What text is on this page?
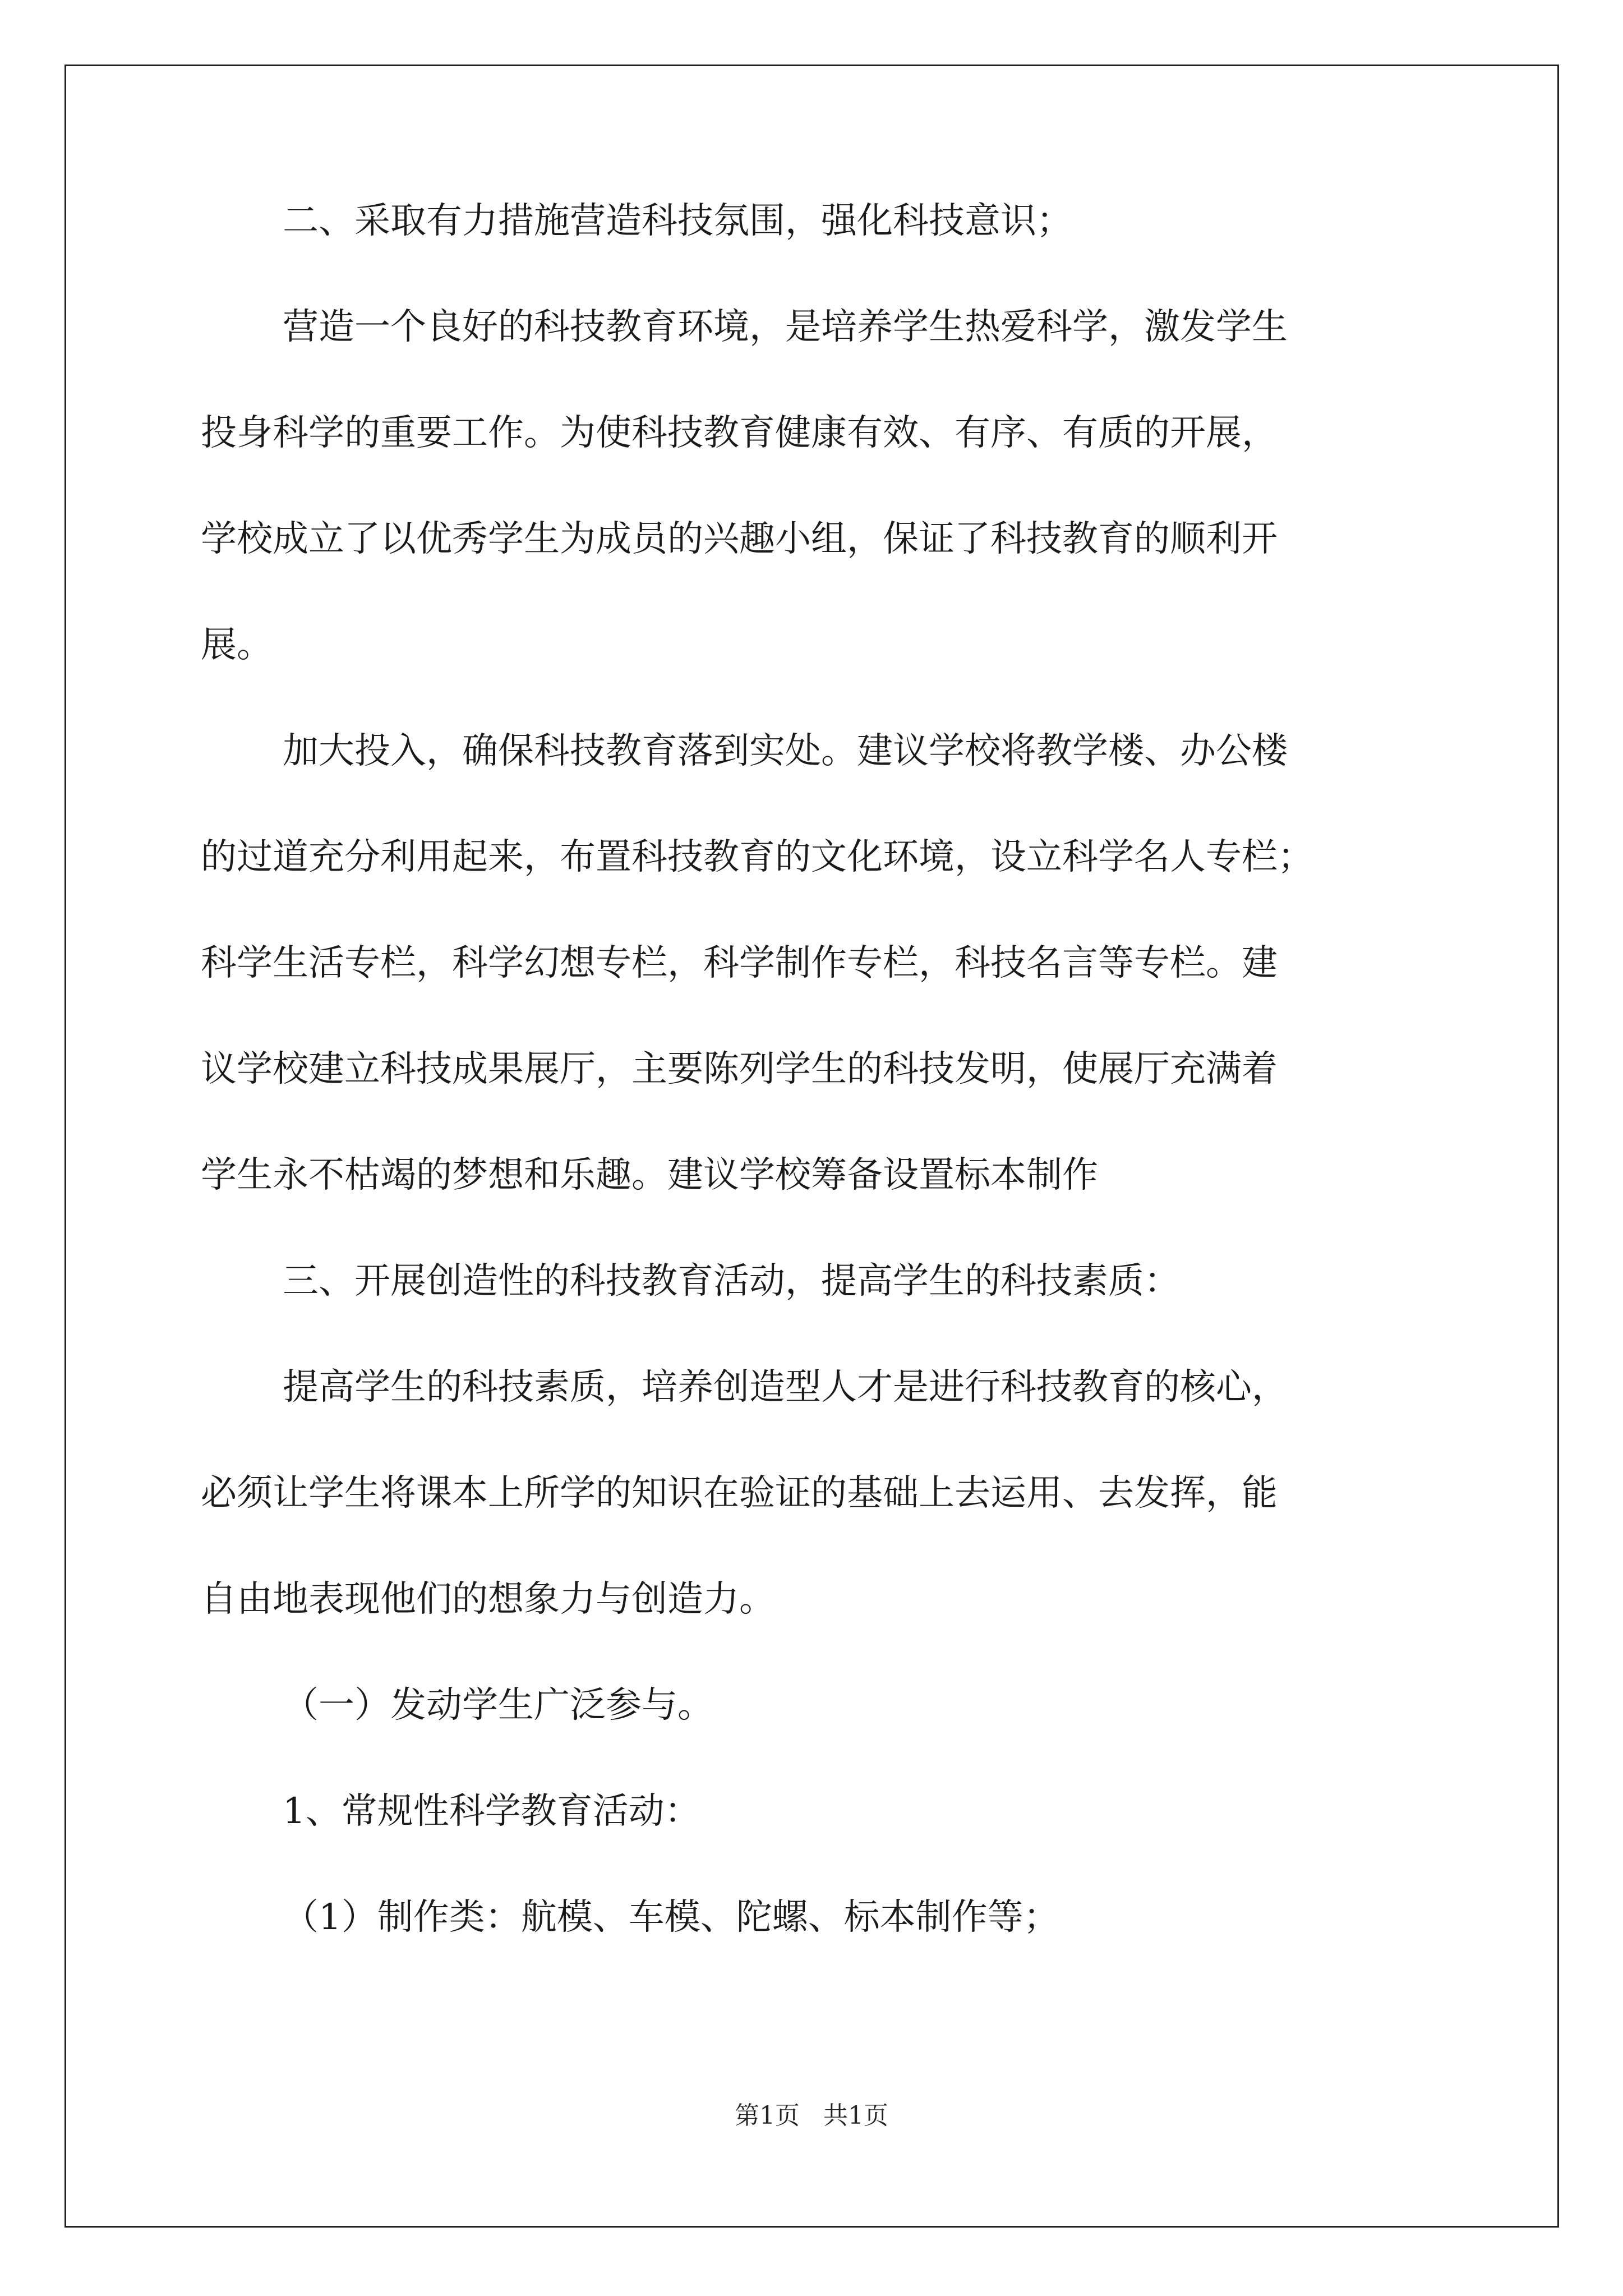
二、采取有力措施营造科技氛围，强化科技意识；

营造一个良好的科技教育环境，是培养学生热爱科学，激发学生
投身科学的重要工作。为使科技教育健康有效、有序、有质的开展，
学校成立了以优秀学生为成员的兴趣小组，保证了科技教育的顺利开
展。

加大投入，确保科技教育落到实处。建议学校将教学楼、办公楼
的过道充分利用起来，布置科技教育的文化环境，设立科学名人专栏；
科学生活专栏，科学幻想专栏，科学制作专栏，科技名言等专栏。建
议学校建立科技成果展厅，主要陈列学生的科技发明，使展厅充满着
学生永不枯竭的梦想和乐趣。建议学校筹备设置标本制作

三、开展创造性的科技教育活动，提高学生的科技素质：

提高学生的科技素质，培养创造型人才是进行科技教育的核心，
必须让学生将课本上所学的知识在验证的基础上去运用、去发挥，能
自由地表现他们的想象力与创造力。

（一）发动学生广泛参与。

1、常规性科学教育活动：

（1）制作类：航模、车模、陀螺、标本制作等；

第1页   共1页
